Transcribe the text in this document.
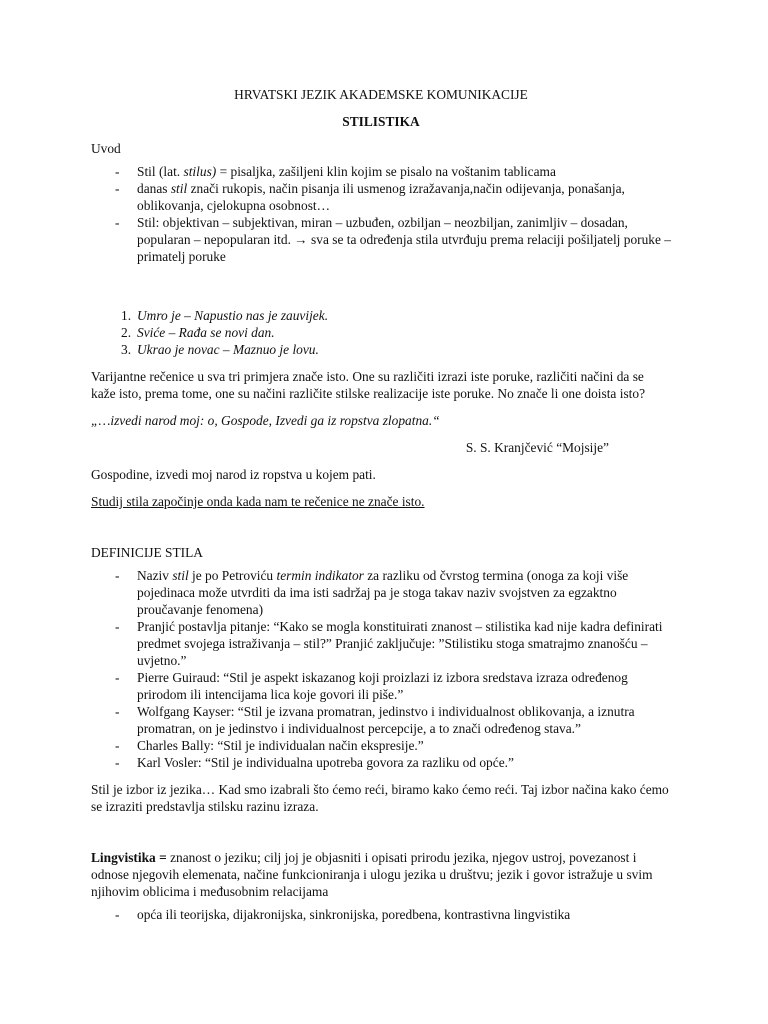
HRVATSKI JEZIK AKADEMSKE KOMUNIKACIJE

STILISTIKA

Uvod

- Stil (lat. stilus) = pisaljka, zašiljeni klin kojim se pisalo na voštanim tablicama
- danas stil znači rukopis, način pisanja ili usmenog izražavanja,način odijevanja, ponašanja, oblikovanja, cjelokupna osobnost…
- Stil: objektivan – subjektivan, miran – uzbuđen, ozbiljan – neozbiljan, zanimljiv – dosadan, popularan – nepopularan itd. → sva se ta određenja stila utvrđuju prema relaciji pošiljatelj poruke – primatelj poruke
1. Umro je – Napustio nas je zauvijek.
2. Sviće – Rađa se novi dan.
3. Ukrao je novac – Maznuo je lovu.

Varijantne rečenice u sva tri primjera znače isto. One su različiti izrazi iste poruke, različiti načini da se kaže isto, prema tome, one su načini različite stilske realizacije iste poruke. No znače li one doista isto?

„…izvedi narod moj: o, Gospode, Izvedi ga iz ropstva zlopatna.“

S. S. Kranjčević “Mojsije”

Gospodine, izvedi moj narod iz ropstva u kojem pati.

Studij stila započinje onda kada nam te rečenice ne znače isto.

DEFINICIJE STILA

- Naziv stil je po Petroviću termin indikator za razliku od čvrstog termina (onoga za koji više pojedinaca može utvrditi da ima isti sadržaj pa je stoga takav naziv svojstven za egzaktno proučavanje fenomena)
- Pranjić postavlja pitanje: “Kako se mogla konstituirati znanost – stilistika kad nije kadra definirati predmet svojega istraživanja – stil?” Pranjić zaključuje: ”Stilistiku stoga smatrajmo znanošću – uvjetno.”
- Pierre Guiraud: “Stil je aspekt iskazanog koji proizlazi iz izbora sredstava izraza određenog prirodom ili intencijama lica koje govori ili piše.”
- Wolfgang Kayser: “Stil je izvana promatran, jedinstvo i individualnost oblikovanja, a iznutra promatran, on je jedinstvo i individualnost percepcije, a to znači određenog stava.”
- Charles Bally: “Stil je individualan način ekspresije.”
- Karl Vosler: “Stil je individualna upotreba govora za razliku od opće.”

Stil je izbor iz jezika… Kad smo izabrali što ćemo reći, biramo kako ćemo reći. Taj izbor načina kako ćemo se izraziti predstavlja stilsku razinu izraza.

Lingvistika = znanost o jeziku; cilj joj je objasniti i opisati prirodu jezika, njegov ustroj, povezanost i odnose njegovih elemenata, načine funkcioniranja i ulogu jezika u društvu; jezik i govor istražuje u svim njihovim oblicima i međusobnim relacijama

- opća ili teorijska, dijakronijska, sinkronijska, poredbena, kontrastivna lingvistika
